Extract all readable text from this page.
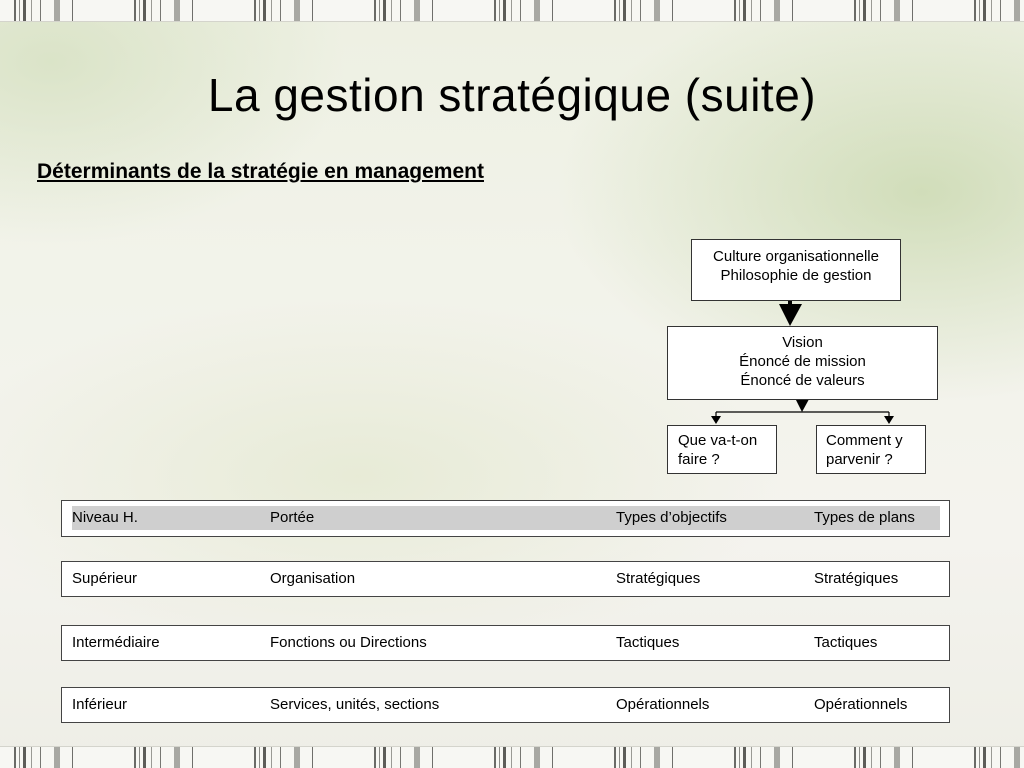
La gestion stratégique (suite)
Déterminants de la stratégie en management
Culture organisationnelle
Philosophie de gestion
Vision
Énoncé de mission
Énoncé de valeurs
Que va-t-on
faire ?
Comment y
parvenir ?
Niveau H.	Portée	Types d’objectifs	Types de plans
Supérieur	Organisation	Stratégiques	Stratégiques
Intermédiaire	Fonctions ou Directions	Tactiques	Tactiques
Inférieur	Services, unités, sections	Opérationnels	Opérationnels
